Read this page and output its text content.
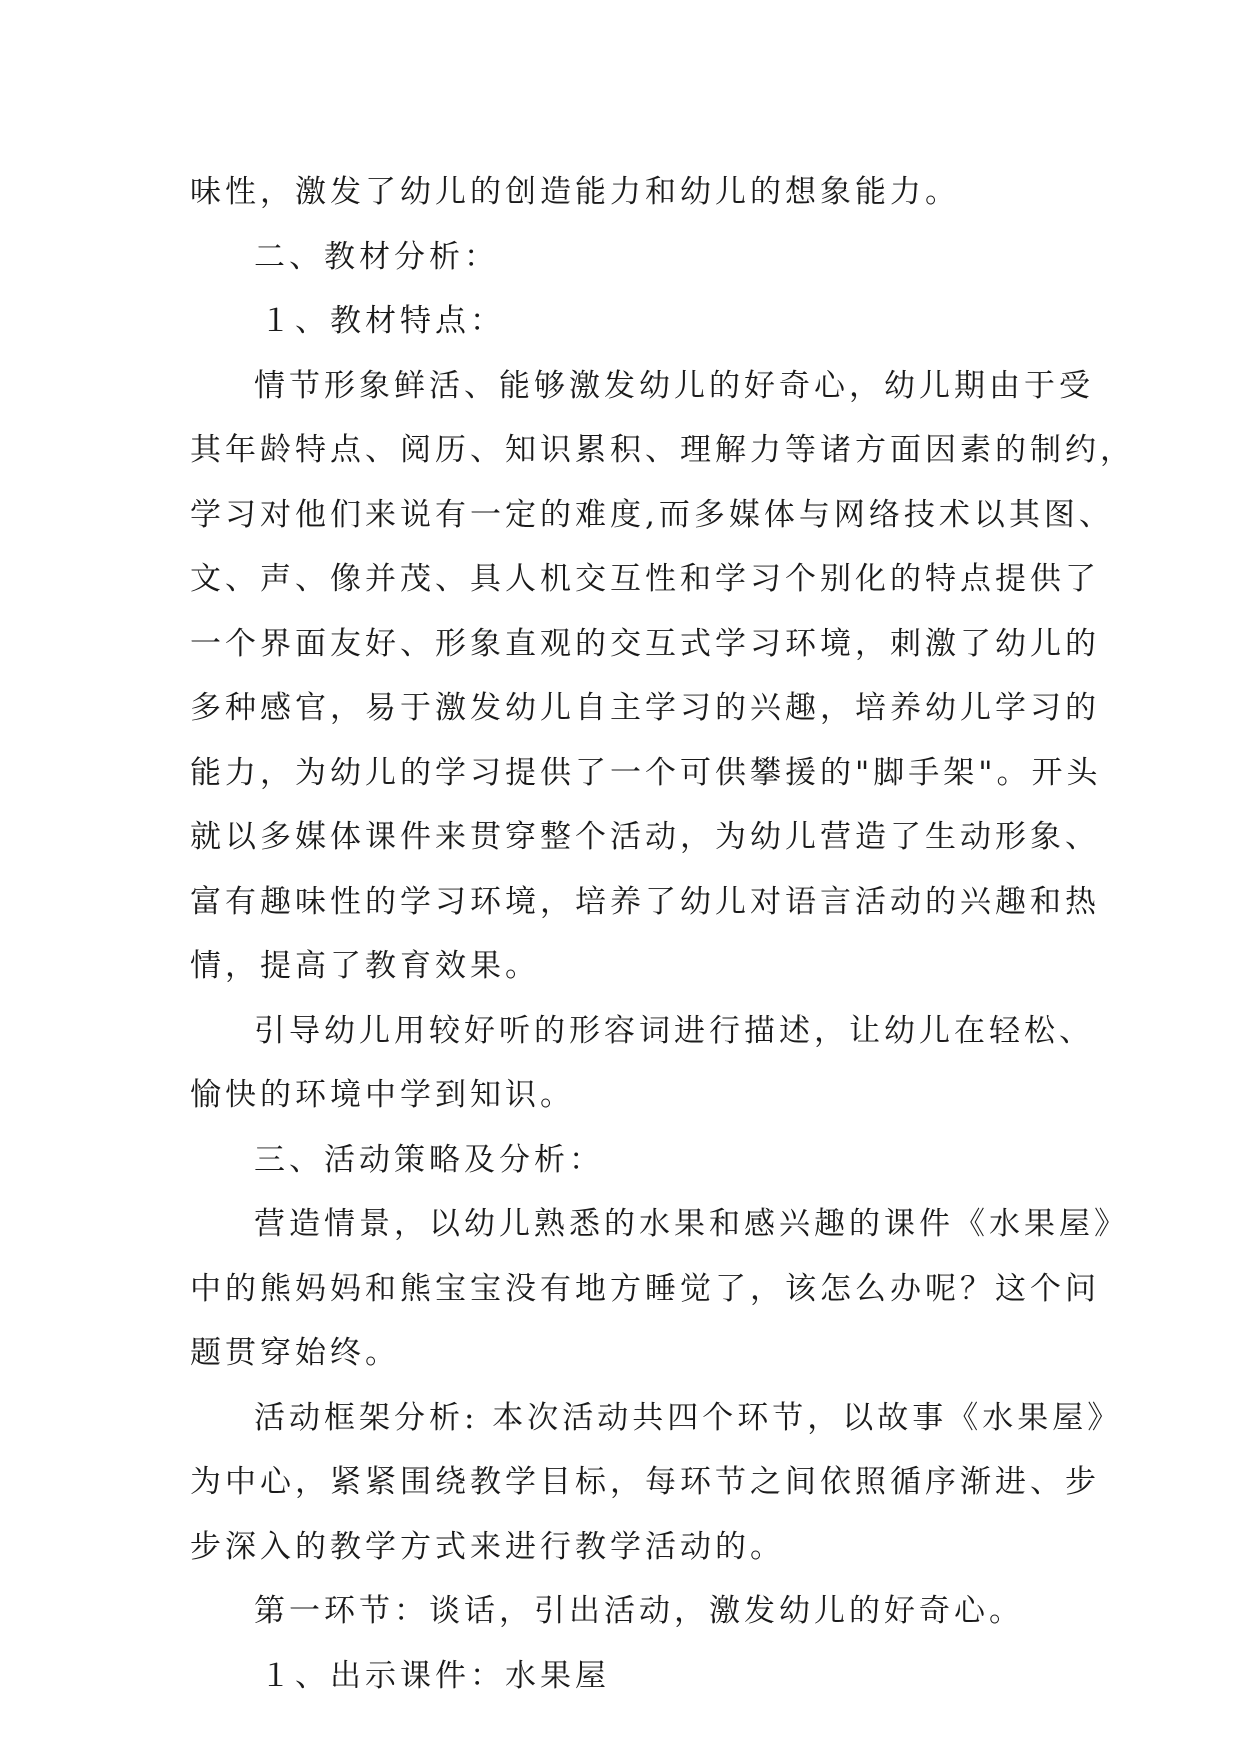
味性，激发了幼儿的创造能力和幼儿的想象能力。
二、教材分析：
１、教材特点：
情节形象鲜活、能够激发幼儿的好奇心，幼儿期由于受
其年龄特点、阅历、知识累积、理解力等诸方面因素的制约，
学习对他们来说有一定的难度,而多媒体与网络技术以其图、
文、声、像并茂、具人机交互性和学习个别化的特点提供了
一个界面友好、形象直观的交互式学习环境，刺激了幼儿的
多种感官，易于激发幼儿自主学习的兴趣，培养幼儿学习的
能力，为幼儿的学习提供了一个可供攀援的"脚手架"。开头
就以多媒体课件来贯穿整个活动，为幼儿营造了生动形象、
富有趣味性的学习环境，培养了幼儿对语言活动的兴趣和热
情，提高了教育效果。
引导幼儿用较好听的形容词进行描述，让幼儿在轻松、
愉快的环境中学到知识。
三、活动策略及分析：
营造情景，以幼儿熟悉的水果和感兴趣的课件《水果屋》
中的熊妈妈和熊宝宝没有地方睡觉了，该怎么办呢？这个问
题贯穿始终。
活动框架分析: 本次活动共四个环节，以故事《水果屋》
为中心，紧紧围绕教学目标，每环节之间依照循序渐进、步
步深入的教学方式来进行教学活动的。
第一环节：谈话，引出活动，激发幼儿的好奇心。
１、出示课件：水果屋
